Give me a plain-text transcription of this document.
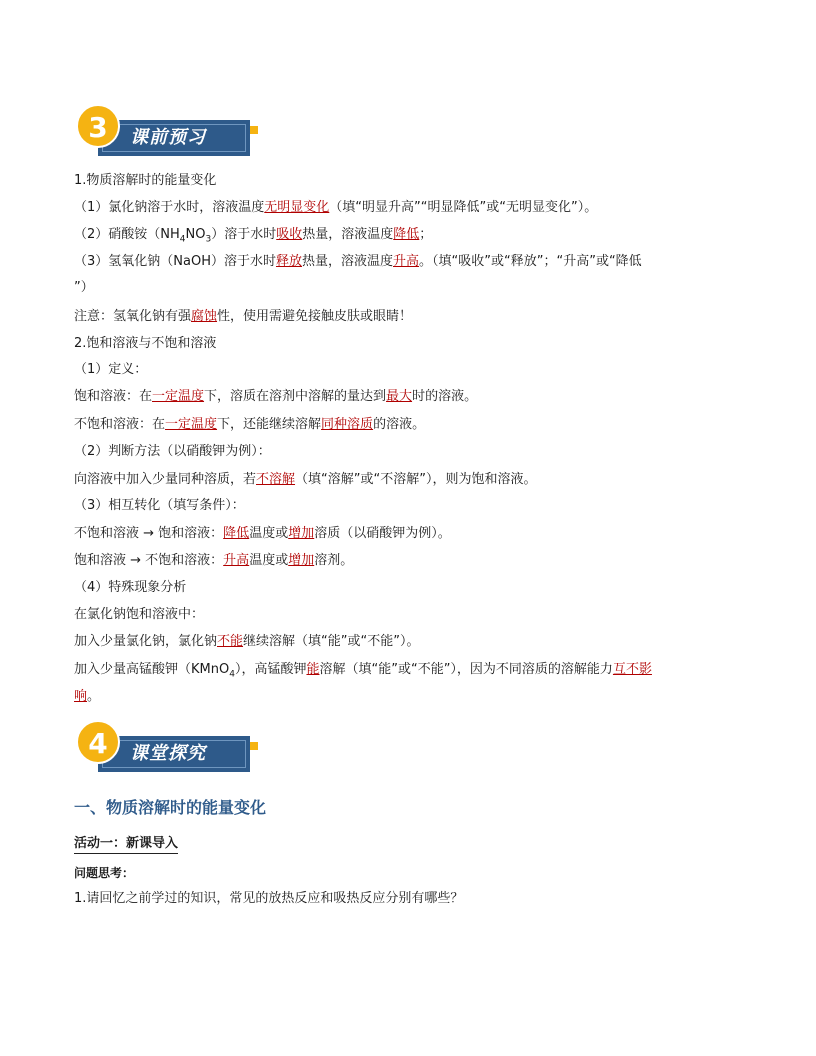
课前预习
3
1.物质溶解时的能量变化
（1）氯化钠溶于水时，溶液温度无明显变化（填“明显升高”“明显降低”或“无明显变化”）。
（2）硝酸铵$(NH_4NO_3)$溶于水时吸收热量，溶液温度降低；
（3）氢氧化钠（NaOH）溶于水时释放热量，溶液温度升高。（填“吸收”或“释放”；“升高”或“降低
”）
注意：氢氧化钠有强腐蚀性，使用需避免接触皮肤或眼睛！
2.饱和溶液与不饱和溶液
（1）定义：
饱和溶液：在一定温度下，溶质在溶剂中溶解的量达到最大时的溶液。
不饱和溶液：在一定温度下，还能继续溶解同种溶质的溶液。
（2）判断方法（以硝酸钾为例）：
向溶液中加入少量同种溶质，若不溶解（填“溶解”或“不溶解”），则为饱和溶液。
（3）相互转化（填写条件）：
不饱和溶液 → 饱和溶液：降低温度或增加溶质（以硝酸钾为例）。
饱和溶液 → 不饱和溶液：升高温度或增加溶剂。
（4）特殊现象分析
在氯化钠饱和溶液中：
加入少量氯化钠，氯化钠不能继续溶解（填“能”或“不能”）。
加入少量高锰酸钾（KMnO$_4$），高锰酸钾能溶解（填“能”或“不能”），因为不同溶质的溶解能力互不影
响。
课堂探究
4
一、物质溶解时的能量变化
活动一：新课导入
问题思考：
1.请回忆之前学过的知识，常见的放热反应和吸热反应分别有哪些？
